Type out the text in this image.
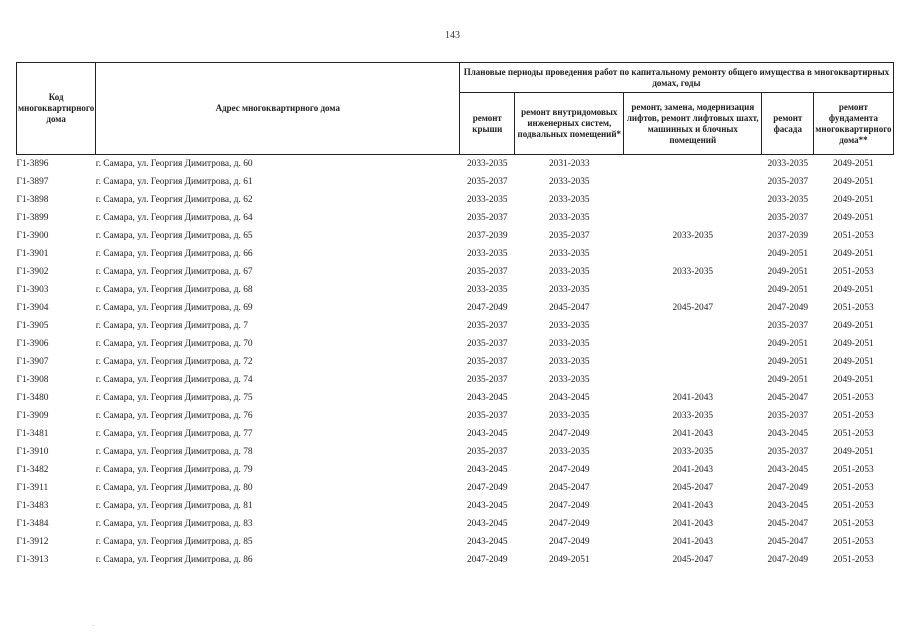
143
Код многоквартирного дома	Адрес многоквартирного дома	Плановые периоды проведения работ по капитальному ремонту общего имущества в многоквартирных домах, годы				
		ремонт крыши	ремонт внутридомовых инженерных систем, подвальных помещений*	ремонт, замена, модернизация лифтов, ремонт лифтовых шахт, машинных и блочных помещений	ремонт фасада	ремонт фундамента многоквартирного дома**
Г1-3896	г. Самара, ул. Георгия Димитрова, д. 60	2033-2035	2031-2033		2033-2035	2049-2051
Г1-3897	г. Самара, ул. Георгия Димитрова, д. 61	2035-2037	2033-2035		2035-2037	2049-2051
Г1-3898	г. Самара, ул. Георгия Димитрова, д. 62	2033-2035	2033-2035		2033-2035	2049-2051
Г1-3899	г. Самара, ул. Георгия Димитрова, д. 64	2035-2037	2033-2035		2035-2037	2049-2051
Г1-3900	г. Самара, ул. Георгия Димитрова, д. 65	2037-2039	2035-2037	2033-2035	2037-2039	2051-2053
Г1-3901	г. Самара, ул. Георгия Димитрова, д. 66	2033-2035	2033-2035		2049-2051	2049-2051
Г1-3902	г. Самара, ул. Георгия Димитрова, д. 67	2035-2037	2033-2035	2033-2035	2049-2051	2051-2053
Г1-3903	г. Самара, ул. Георгия Димитрова, д. 68	2033-2035	2033-2035		2049-2051	2049-2051
Г1-3904	г. Самара, ул. Георгия Димитрова, д. 69	2047-2049	2045-2047	2045-2047	2047-2049	2051-2053
Г1-3905	г. Самара, ул. Георгия Димитрова, д. 7	2035-2037	2033-2035		2035-2037	2049-2051
Г1-3906	г. Самара, ул. Георгия Димитрова, д. 70	2035-2037	2033-2035		2049-2051	2049-2051
Г1-3907	г. Самара, ул. Георгия Димитрова, д. 72	2035-2037	2033-2035		2049-2051	2049-2051
Г1-3908	г. Самара, ул. Георгия Димитрова, д. 74	2035-2037	2033-2035		2049-2051	2049-2051
Г1-3480	г. Самара, ул. Георгия Димитрова, д. 75	2043-2045	2043-2045	2041-2043	2045-2047	2051-2053
Г1-3909	г. Самара, ул. Георгия Димитрова, д. 76	2035-2037	2033-2035	2033-2035	2035-2037	2051-2053
Г1-3481	г. Самара, ул. Георгия Димитрова, д. 77	2043-2045	2047-2049	2041-2043	2043-2045	2051-2053
Г1-3910	г. Самара, ул. Георгия Димитрова, д. 78	2035-2037	2033-2035	2033-2035	2035-2037	2049-2051
Г1-3482	г. Самара, ул. Георгия Димитрова, д. 79	2043-2045	2047-2049	2041-2043	2043-2045	2051-2053
Г1-3911	г. Самара, ул. Георгия Димитрова, д. 80	2047-2049	2045-2047	2045-2047	2047-2049	2051-2053
Г1-3483	г. Самара, ул. Георгия Димитрова, д. 81	2043-2045	2047-2049	2041-2043	2043-2045	2051-2053
Г1-3484	г. Самара, ул. Георгия Димитрова, д. 83	2043-2045	2047-2049	2041-2043	2045-2047	2051-2053
Г1-3912	г. Самара, ул. Георгия Димитрова, д. 85	2043-2045	2047-2049	2041-2043	2045-2047	2051-2053
Г1-3913	г. Самара, ул. Георгия Димитрова, д. 86	2047-2049	2049-2051	2045-2047	2047-2049	2051-2053
·
